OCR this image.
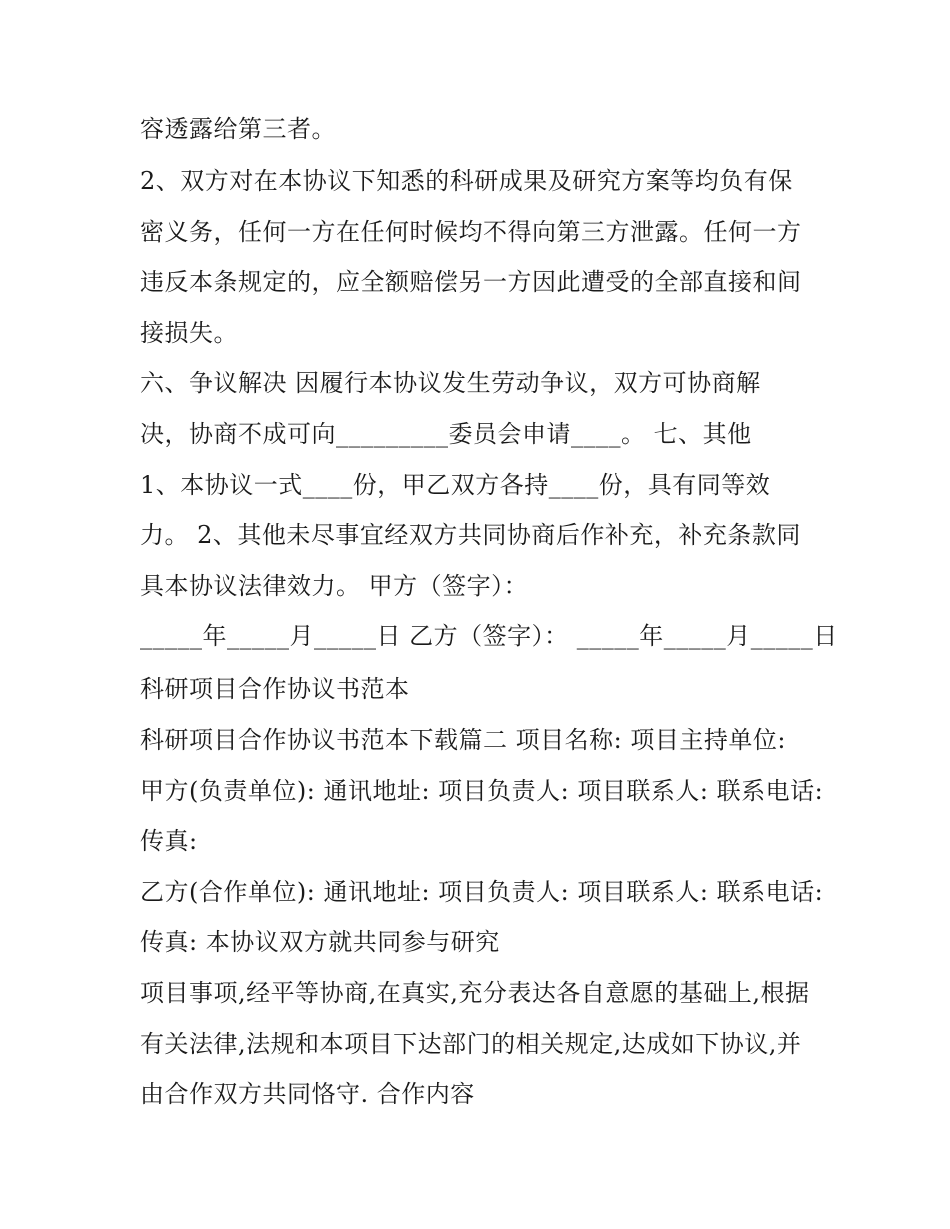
容透露给第三者。
2、双方对在本协议下知悉的科研成果及研究方案等均负有保
密义务，任何一方在任何时候均不得向第三方泄露。任何一方
违反本条规定的，应全额赔偿另一方因此遭受的全部直接和间
接损失。
六、争议解决 因履行本协议发生劳动争议，双方可协商解
决，协商不成可向_________委员会申请____。 七、其他
1、本协议一式____份，甲乙双方各持____份，具有同等效
力。 2、其他未尽事宜经双方共同协商后作补充，补充条款同
具本协议法律效力。 甲方（签字）：
_____年_____月_____日 乙方（签字）： _____年_____月_____日
科研项目合作协议书范本
科研项目合作协议书范本下载篇二 项目名称: 项目主持单位:
甲方(负责单位): 通讯地址: 项目负责人: 项目联系人: 联系电话:
传真:
乙方(合作单位): 通讯地址: 项目负责人: 项目联系人: 联系电话:
传真: 本协议双方就共同参与研究
项目事项,经平等协商,在真实,充分表达各自意愿的基础上,根据
有关法律,法规和本项目下达部门的相关规定,达成如下协议,并
由合作双方共同恪守. 合作内容
